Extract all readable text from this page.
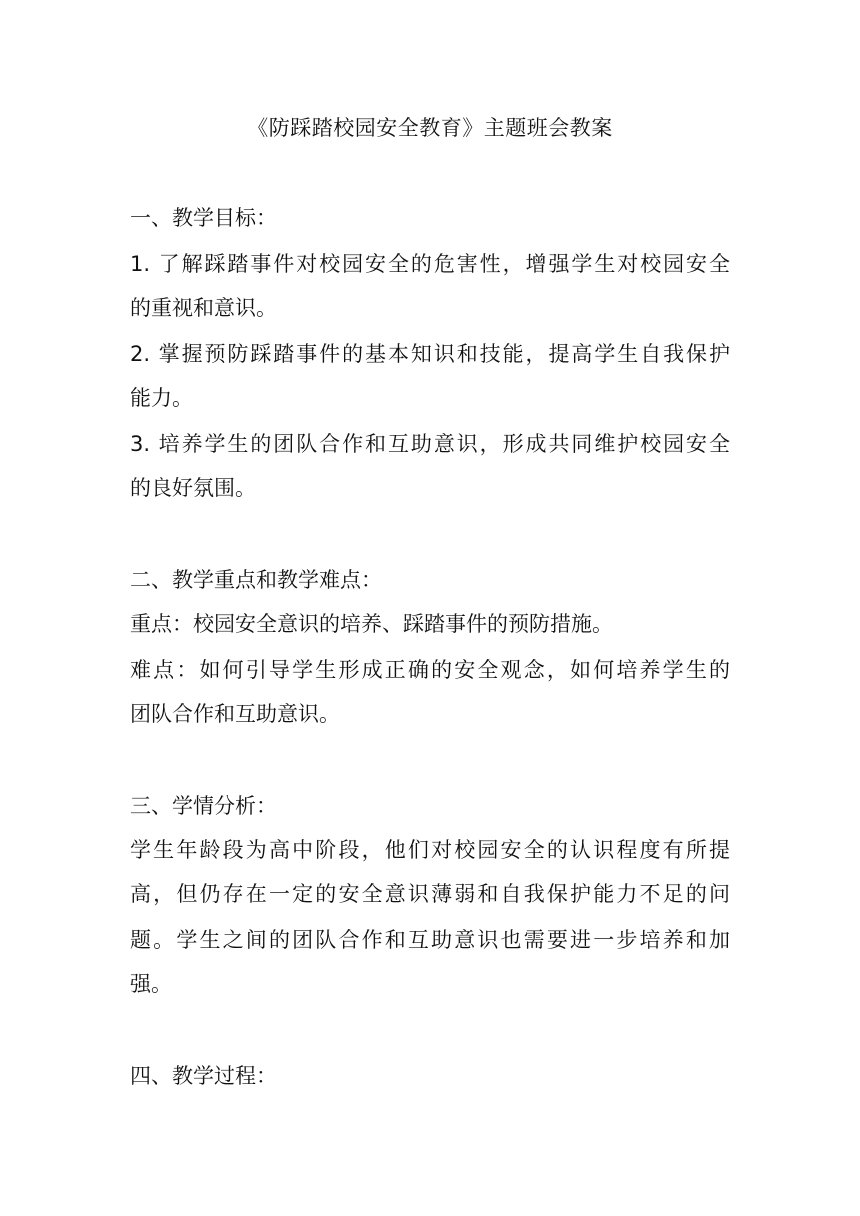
《防踩踏校园安全教育》主题班会教案
一、教学目标：
1. 了解踩踏事件对校园安全的危害性，增强学生对校园安全
的重视和意识。
2. 掌握预防踩踏事件的基本知识和技能，提高学生自我保护
能力。
3. 培养学生的团队合作和互助意识，形成共同维护校园安全
的良好氛围。
二、教学重点和教学难点：
重点：校园安全意识的培养、踩踏事件的预防措施。
难点：如何引导学生形成正确的安全观念，如何培养学生的
团队合作和互助意识。
三、学情分析：
学生年龄段为高中阶段，他们对校园安全的认识程度有所提
高，但仍存在一定的安全意识薄弱和自我保护能力不足的问
题。学生之间的团队合作和互助意识也需要进一步培养和加
强。
四、教学过程：
